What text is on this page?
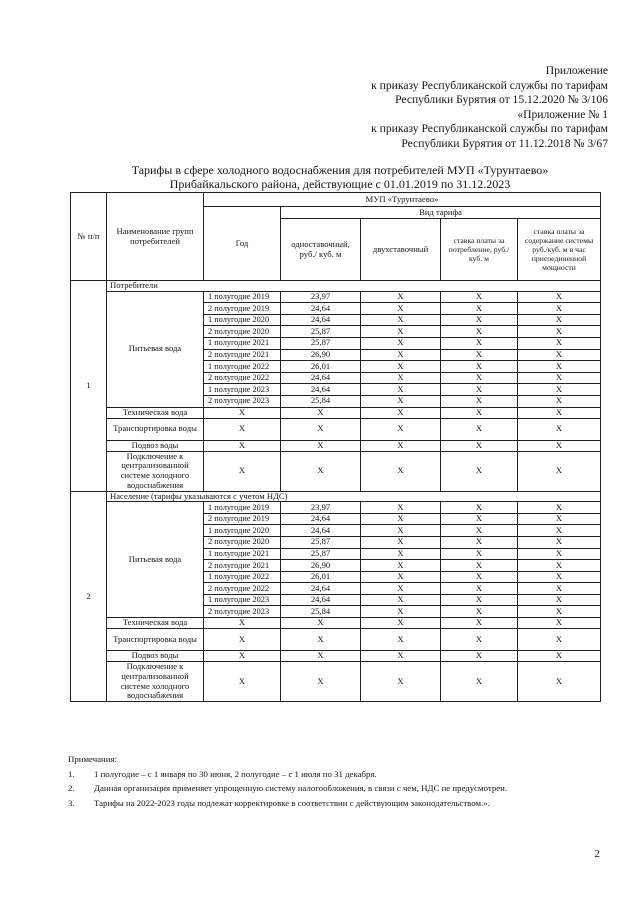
Приложение
к приказу Республиканской службы по тарифам
Республики Бурятия от 15.12.2020 № 3/106
«Приложение № 1
к приказу Республиканской службы по тарифам
Республики Бурятия от 11.12.2018 № 3/67
Тарифы в сфере холодного водоснабжения для потребителей МУП «Турунтаево»
Прибайкальского района, действующие с 01.01.2019 по 31.12.2023
№ п/п	Наименование групп потребителей	МУП «Турунтаево»				
		Год	Вид тарифа			
			одноставочный, руб./ куб. м	двухставочный	ставка платы за потребление, руб./ куб. м	ставка платы за содержание системы руб./куб. м в час присоединенной мощности
1	Потребители					
	Питьевая вода	1 полугодие 2019	23,97	X	X	X
		2 полугодие 2019	24,64	X	X	X
		1 полугодие 2020	24,64	X	X	X
		2 полугодие 2020	25,87	X	X	X
		1 полугодие 2021	25,87	X	X	X
		2 полугодие 2021	26,90	X	X	X
		1 полугодие 2022	26,01	X	X	X
		2 полугодие 2022	24,64	X	X	X
		1 полугодие 2023	24,64	X	X	X
		2 полугодие 2023	25,84	X	X	X
	Техническая вода	X	X	X	X	X
	Транспортировка воды	X	X	X	X	X
	Подвоз воды	X	X	X	X	X
	Подключение к централизованной системе холодного водоснабжения	X	X	X	X	X
2	Население (тарифы указываются с учетом НДС)					
	Питьевая вода	1 полугодие 2019	23,97	X	X	X
		2 полугодие 2019	24,64	X	X	X
		1 полугодие 2020	24,64	X	X	X
		2 полугодие 2020	25,87	X	X	X
		1 полугодие 2021	25,87	X	X	X
		2 полугодие 2021	26,90	X	X	X
		1 полугодие 2022	26,01	X	X	X
		2 полугодие 2022	24,64	X	X	X
		1 полугодие 2023	24,64	X	X	X
		2 полугодие 2023	25,84	X	X	X
	Техническая вода	X	X	X	X	X
	Транспортировка воды	X	X	X	X	X
	Подвоз воды	X	X	X	X	X
	Подключение к централизованной системе холодного водоснабжения	X	X	X	X	X
Примечания:
1. 1 полугодие – с 1 января по 30 июня, 2 полугодие – с 1 июля по 31 декабря.
2. Данная организация применяет упрощенную систему налогообложения, в связи с чем, НДС не предусмотрен.
3. Тарифы на 2022-2023 годы подлежат корректировке в соответствии с действующим законодательством.».
2
